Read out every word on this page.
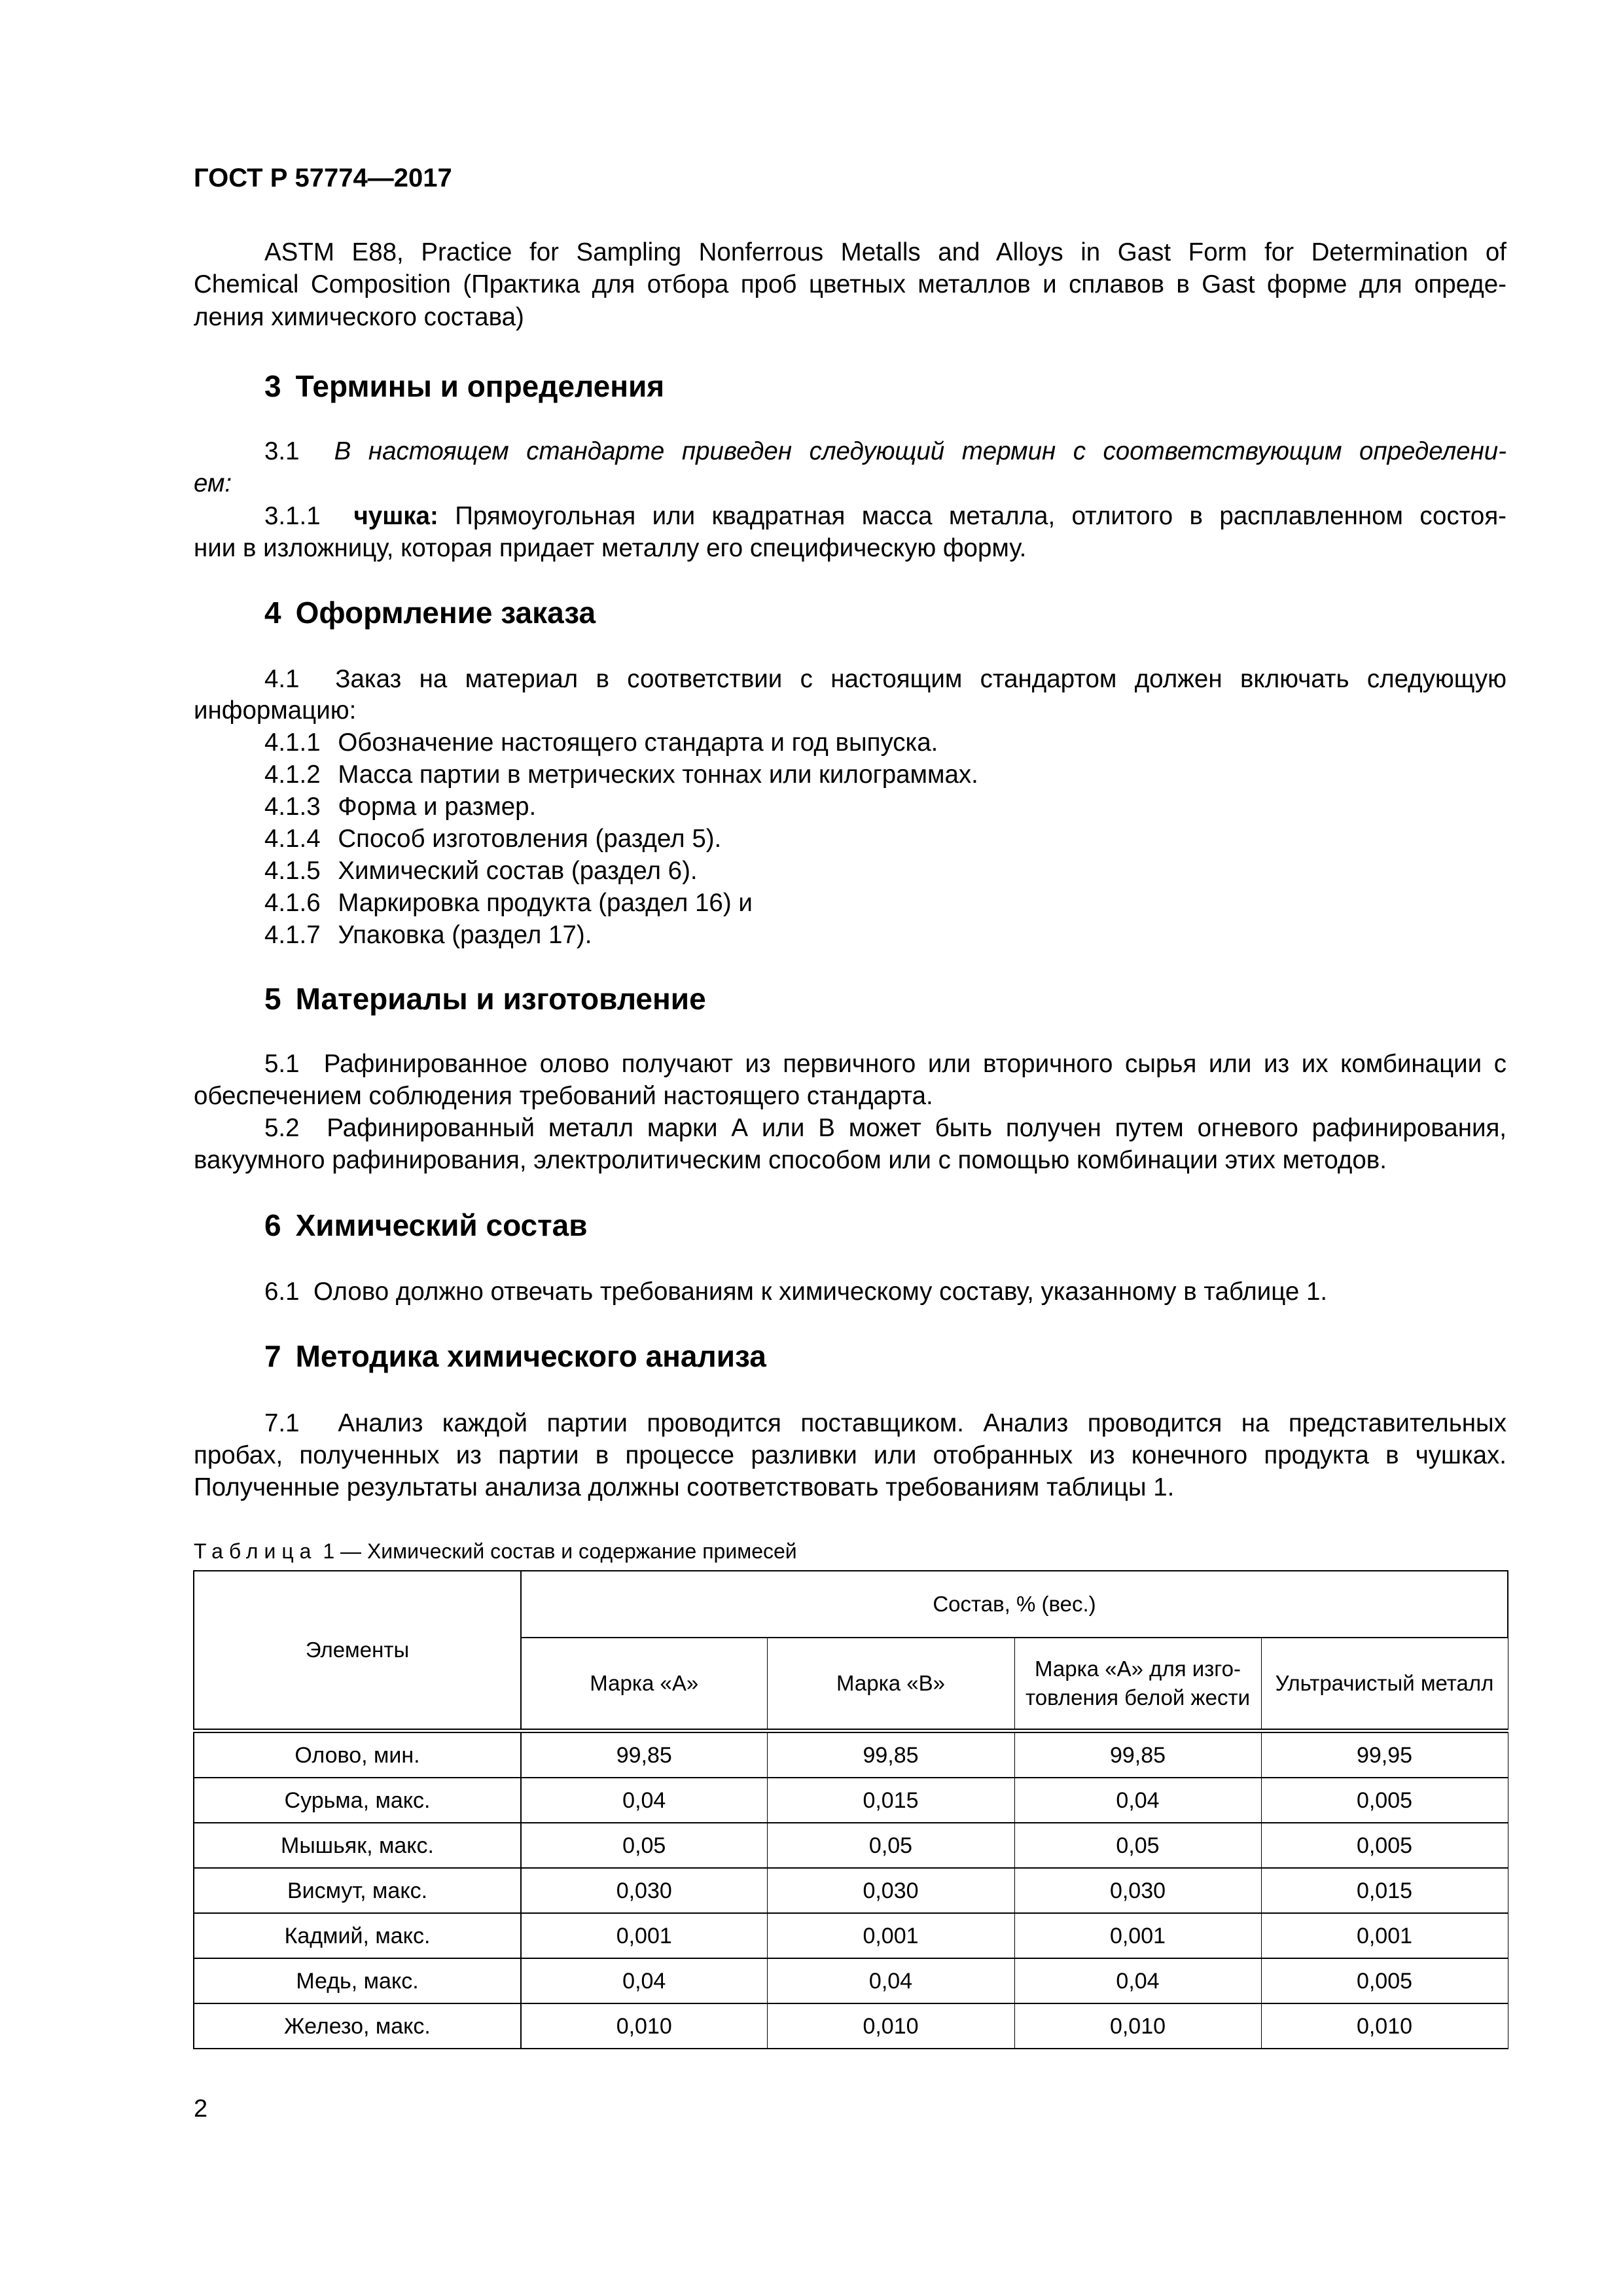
ГОСТ Р 57774—2017
ASTM E88, Practice for Sampling Nonferrous Metalls and Alloys in Gast Form for Determination of
Chemical Composition (Практика для отбора проб цветных металлов и сплавов в Gast форме для опреде-
ления химического состава)
3 Термины и определения
3.1 В настоящем стандарте приведен следующий термин с соответствующим определени-
ем:
3.1.1 чушка: Прямоугольная или квадратная масса металла, отлитого в расплавленном состоя-
нии в изложницу, которая придает металлу его специфическую форму.
4 Оформление заказа
4.1 Заказ на материал в соответствии с настоящим стандартом должен включать следующую
информацию:
4.1.1 Обозначение настоящего стандарта и год выпуска.
4.1.2 Масса партии в метрических тоннах или килограммах.
4.1.3 Форма и размер.
4.1.4 Способ изготовления (раздел 5).
4.1.5 Химический состав (раздел 6).
4.1.6 Маркировка продукта (раздел 16) и
4.1.7 Упаковка (раздел 17).
5 Материалы и изготовление
5.1 Рафинированное олово получают из первичного или вторичного сырья или из их комбинации с
обеспечением соблюдения требований настоящего стандарта.
5.2 Рафинированный металл марки А или В может быть получен путем огневого рафинирования,
вакуумного рафинирования, электролитическим способом или с помощью комбинации этих методов.
6 Химический состав
6.1 Олово должно отвечать требованиям к химическому составу, указанному в таблице 1.
7 Методика химического анализа
7.1 Анализ каждой партии проводится поставщиком. Анализ проводится на представительных
пробах, полученных из партии в процессе разливки или отобранных из конечного продукта в чушках.
Полученные результаты анализа должны соответствовать требованиям таблицы 1.
Таблица 1 — Химический состав и содержание примесей
Элементы	Состав, % (вес.)			
	Марка «А»	Марка «В»	Марка «А» для изго-
товления белой жести	Ультрачистый металл
Олово, мин.	99,85	99,85	99,85	99,95
Сурьма, макс.	0,04	0,015	0,04	0,005
Мышьяк, макс.	0,05	0,05	0,05	0,005
Висмут, макс.	0,030	0,030	0,030	0,015
Кадмий, макс.	0,001	0,001	0,001	0,001
Медь, макс.	0,04	0,04	0,04	0,005
Железо, макс.	0,010	0,010	0,010	0,010
2
